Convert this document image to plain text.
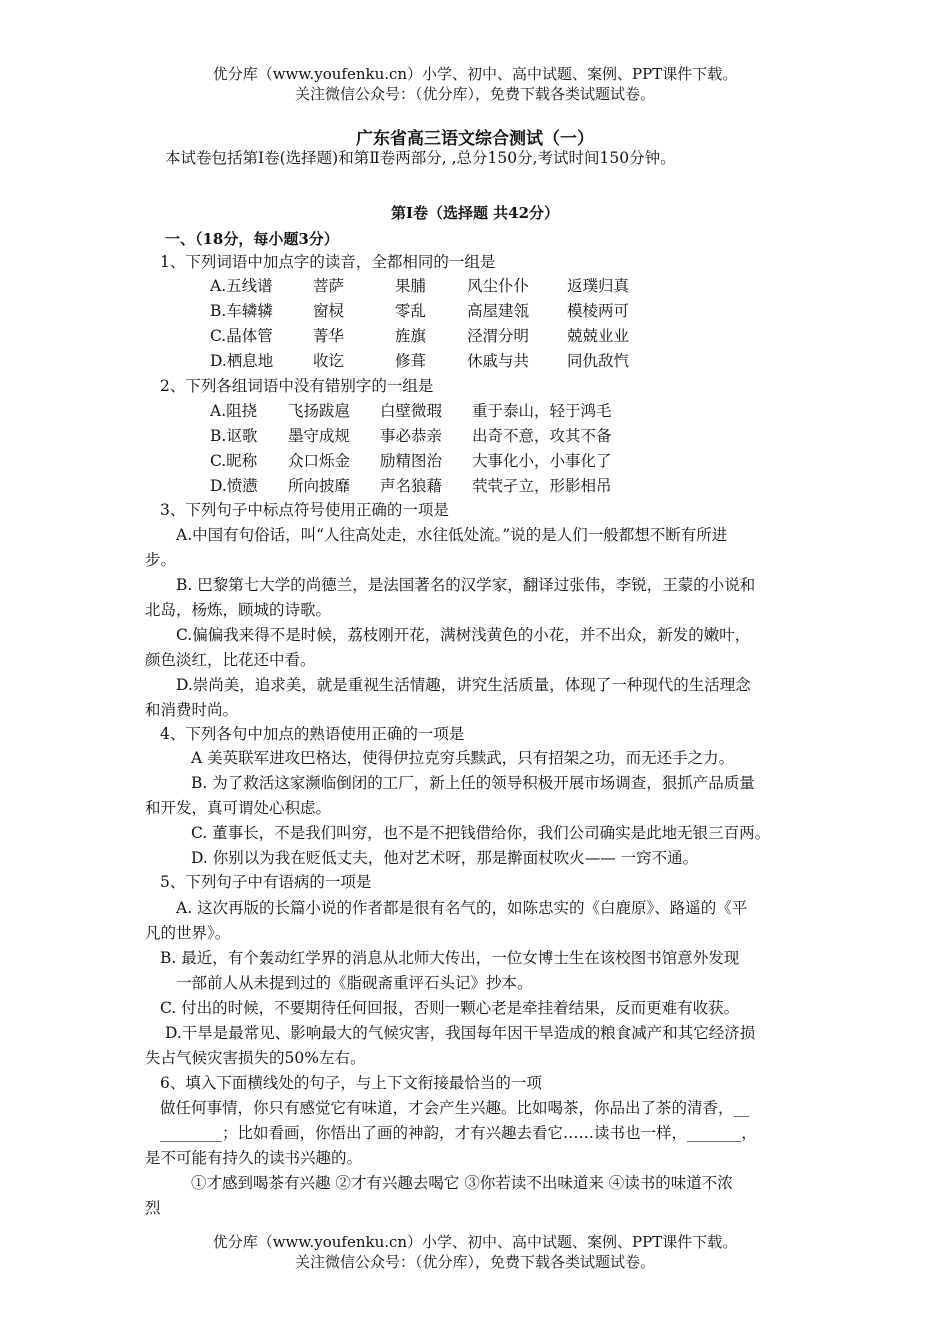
优分库（www.youfenku.cn）小学、初中、高中试题、案例、PPT课件下载。
关注微信公众号：（优分库），免费下载各类试题试卷。
广东省高三语文综合测试（一）
本试卷包括第Ⅰ卷(选择题)和第Ⅱ卷两部分, ,总分150分,考试时间150分钟。
第Ⅰ卷（选择题 共42分）
一、（18分，每小题3分）
1、下列词语中加点字的读音，全都相同的一组是
A.五线谱	菩萨	果脯	风尘仆仆	返璞归真
B.车辚辚	窗棂	零乱	高屋建瓴	模棱两可
C.晶体管	菁华	旌旗	泾渭分明	兢兢业业
D.栖息地	收讫	修葺	休戚与共	同仇敌忾
2、下列各组词语中没有错别字的一组是
A.阻挠	飞扬跋扈	白壁微瑕	重于泰山，轻于鸿毛
B.讴歌	墨守成规	事必恭亲	出奇不意，攻其不备
C.昵称	众口烁金	励精图治	大事化小，小事化了
D.愤懑	所向披靡	声名狼藉	茕茕孑立，形影相吊
3、下列句子中标点符号使用正确的一项是
A.中国有句俗话，叫“人往高处走，水往低处流。”说的是人们一般都想不断有所进
步。
B. 巴黎第七大学的尚德兰，是法国著名的汉学家，翻译过张伟，李锐，王蒙的小说和
北岛，杨炼，顾城的诗歌。
C.偏偏我来得不是时候，荔枝刚开花，满树浅黄色的小花，并不出众，新发的嫩叶，
颜色淡红，比花还中看。
D.崇尚美，追求美，就是重视生活情趣，讲究生活质量，体现了一种现代的生活理念
和消费时尚。
4、下列各句中加点的熟语使用正确的一项是
A 美英联军进攻巴格达，使得伊拉克穷兵黩武，只有招架之功，而无还手之力。
B. 为了救活这家濒临倒闭的工厂，新上任的领导积极开展市场调查，狠抓产品质量
和开发，真可谓处心积虑。
C. 董事长，不是我们叫穷，也不是不把钱借给你，我们公司确实是此地无银三百两。
D. 你别以为我在贬低丈夫，他对艺术呀，那是擀面杖吹火—— 一窍不通。
5、下列句子中有语病的一项是
A. 这次再版的长篇小说的作者都是很有名气的，如陈忠实的《白鹿原》、路遥的《平
凡的世界》。
B. 最近，有个轰动红学界的消息从北师大传出，一位女博士生在该校图书馆意外发现
一部前人从未提到过的《脂砚斋重评石头记》抄本。
C. 付出的时候，不要期待任何回报，否则一颗心老是牵挂着结果，反而更难有收获。
D.干旱是最常见、影响最大的气候灾害，我国每年因干旱造成的粮食减产和其它经济损
失占气候灾害损失的50%左右。
6、填入下面横线处的句子，与上下文衔接最恰当的一项
做任何事情，你只有感觉它有味道，才会产生兴趣。比如喝茶，你品出了茶的清香，__
________；比如看画，你悟出了画的神韵，才有兴趣去看它……读书也一样，_______，
是不可能有持久的读书兴趣的。
①才感到喝茶有兴趣 ②才有兴趣去喝它 ③你若读不出味道来 ④读书的味道不浓
烈
优分库（www.youfenku.cn）小学、初中、高中试题、案例、PPT课件下载。
关注微信公众号：（优分库），免费下载各类试题试卷。
